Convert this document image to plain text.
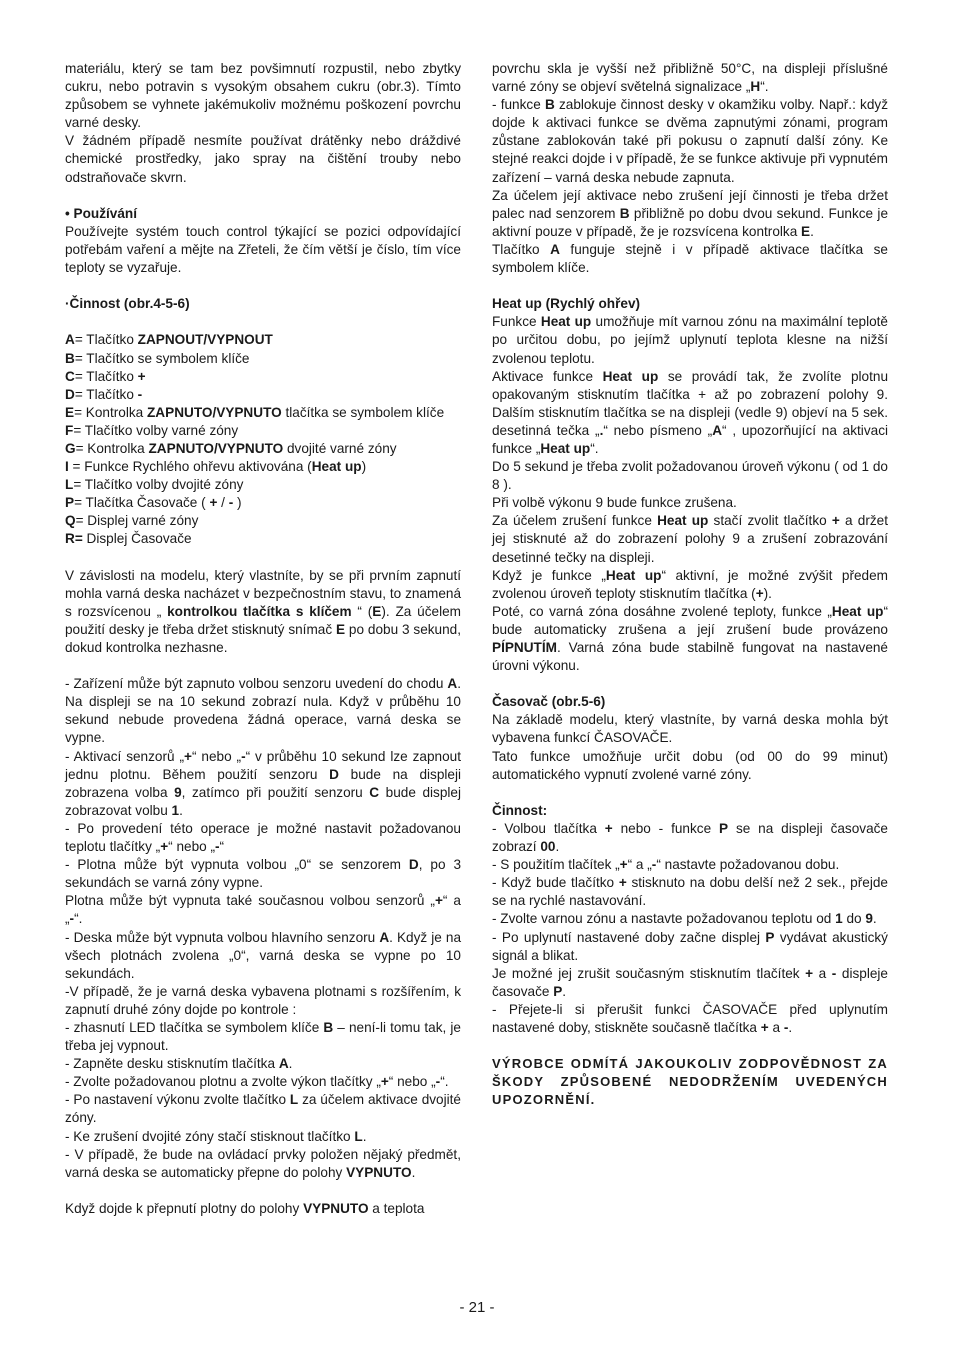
materiálu, který se tam bez povšimnutí rozpustil, nebo zbytky cukru, nebo potravin s vysokým obsahem cukru (obr.3). Tímto způsobem se vyhnete jakémukoliv možnému poškození povrchu varné desky.
V žádném případě nesmíte používat drátěnky nebo dráždivé chemické prostředky, jako spray na čištění trouby nebo odstraňovače skvrn.
• Používání
Používejte systém touch control týkající se pozici odpovídající potřebám vaření a mějte na Zřeteli, že čím větší je číslo, tím více teploty se vyzařuje.
·Činnost (obr.4-5-6)
A= Tlačítko ZAPNOUT/VYPNOUT
B= Tlačítko se symbolem klíče
C= Tlačítko +
D= Tlačítko -
E= Kontrolka ZAPNUTO/VYPNUTO tlačítka se symbolem klíče
F= Tlačítko volby varné zóny
G= Kontrolka ZAPNUTO/VYPNUTO dvojité varné zóny
I = Funkce Rychlého ohřevu aktivována (Heat up)
L= Tlačítko volby dvojité zóny
P= Tlačítka Časovače ( + / - )
Q= Displej varné zóny
R= Displej Časovače
V závislosti na modelu, který vlastníte, by se při prvním zapnutí mohla varná deska nacházet v bezpečnostním stavu, to znamená s rozsvícenou „ kontrolkou tlačítka s klíčem “ (E). Za účelem použití desky je třeba držet stisknutý snímač E po dobu 3 sekund, dokud kontrolka nezhasne.
- Zařízení může být zapnuto volbou senzoru uvedení do chodu A. Na displeji se na 10 sekund zobrazí nula. Když v průběhu 10 sekund nebude provedena žádná operace, varná deska se vypne.
- Aktivací senzorů „+“ nebo „-“ v průběhu 10 sekund lze zapnout jednu plotnu. Během použití senzoru D bude na displeji zobrazena volba 9, zatímco při použití senzoru C bude displej zobrazovat volbu 1.
- Po provedení této operace je možné nastavit požadovanou teplotu tlačítky „+“ nebo „-“
- Plotna může být vypnuta volbou „0“ se senzorem D, po 3 sekundách se varná zóny vypne.
Plotna může být vypnuta také současnou volbou senzorů „+“ a „-“.
- Deska může být vypnuta volbou hlavního senzoru A. Když je na všech plotnách zvolena „0“, varná deska se vypne po 10 sekundách.
-V případě, že je varná deska vybavena plotnami s rozšířením, k zapnutí druhé zóny dojde po kontrole :
- zhasnutí LED tlačítka se symbolem klíče B – není-li tomu tak, je třeba jej vypnout.
- Zapněte desku stisknutím tlačítka A.
- Zvolte požadovanou plotnu a zvolte výkon tlačítky „+“ nebo „-“.
- Po nastavení výkonu zvolte tlačítko L za účelem aktivace dvojité zóny.
- Ke zrušení dvojité zóny stačí stisknout tlačítko L.
- V případě, že bude na ovládací prvky položen nějaký předmět, varná deska se automaticky přepne do polohy VYPNUTO.
Když dojde k přepnutí plotny do polohy VYPNUTO a teplota
povrchu skla je vyšší než přibližně 50°C, na displeji příslušné varné zóny se objeví světelná signalizace „H“.
- funkce B zablokuje činnost desky v okamžiku volby. Např.: když dojde k aktivaci funkce se dvěma zapnutými zónami, program zůstane zablokován také při pokusu o zapnutí další zóny. Ke stejné reakci dojde i v případě, že se funkce aktivuje při vypnutém zařízení – varná deska nebude zapnuta.
Za účelem její aktivace nebo zrušení její činnosti je třeba držet palec nad senzorem B přibližně po dobu dvou sekund. Funkce je aktivní pouze v případě, že je rozsvícena kontrolka E.
Tlačítko A funguje stejně i v případě aktivace tlačítka se symbolem klíče.
Heat up (Rychlý ohřev)
Funkce Heat up umožňuje mít varnou zónu na maximální teplotě po určitou dobu, po jejímž uplynutí teplota klesne na nižší zvolenou teplotu.
Aktivace funkce Heat up se provádí tak, že zvolíte plotnu opakovaným stisknutím tlačítka + až po zobrazení polohy 9. Dalším stisknutím tlačítka se na displeji (vedle 9) objeví na 5 sek. desetinná tečka „.“ nebo písmeno „A“ , upozorňující na aktivaci funkce „Heat up“.
Do 5 sekund je třeba zvolit požadovanou úroveň výkonu ( od 1 do 8 ).
Při volbě výkonu 9 bude funkce zrušena.
Za účelem zrušení funkce Heat up stačí zvolit tlačítko + a držet jej stisknuté až do zobrazení polohy 9 a zrušení zobrazování desetinné tečky na displeji.
Když je funkce „Heat up“ aktivní, je možné zvýšit předem zvolenou úroveň teploty stisknutím tlačítka (+).
Poté, co varná zóna dosáhne zvolené teploty, funkce „Heat up“ bude automaticky zrušena a její zrušení bude provázeno PÍPNUTÍM. Varná zóna bude stabilně fungovat na nastavené úrovni výkonu.
Časovač (obr.5-6)
Na základě modelu, který vlastníte, by varná deska mohla být vybavena funkcí ČASOVAČE.
Tato funkce umožňuje určit dobu (od 00 do 99 minut) automatického vypnutí zvolené varné zóny.
Činnost:
- Volbou tlačítka + nebo - funkce P se na displeji časovače zobrazí 00.
- S použitím tlačítek „+“ a „-“ nastavte požadovanou dobu.
- Když bude tlačítko + stisknuto na dobu delší než 2 sek., přejde se na rychlé nastavování.
- Zvolte varnou zónu a nastavte požadovanou teplotu od 1 do 9.
- Po uplynutí nastavené doby začne displej P vydávat akustický signál a blikat.
Je možné jej zrušit současným stisknutím tlačítek + a - displeje časovače P.
- Přejete-li si přerušit funkci ČASOVAČE před uplynutím nastavené doby, stiskněte současně tlačítka + a -.
VÝROBCE ODMÍTÁ JAKOUKOLIV ZODPOVĚDNOST ZA ŠKODY ZPŮSOBENÉ NEDODRŽENÍM UVEDENÝCH UPOZORNĚNÍ.
- 21 -
